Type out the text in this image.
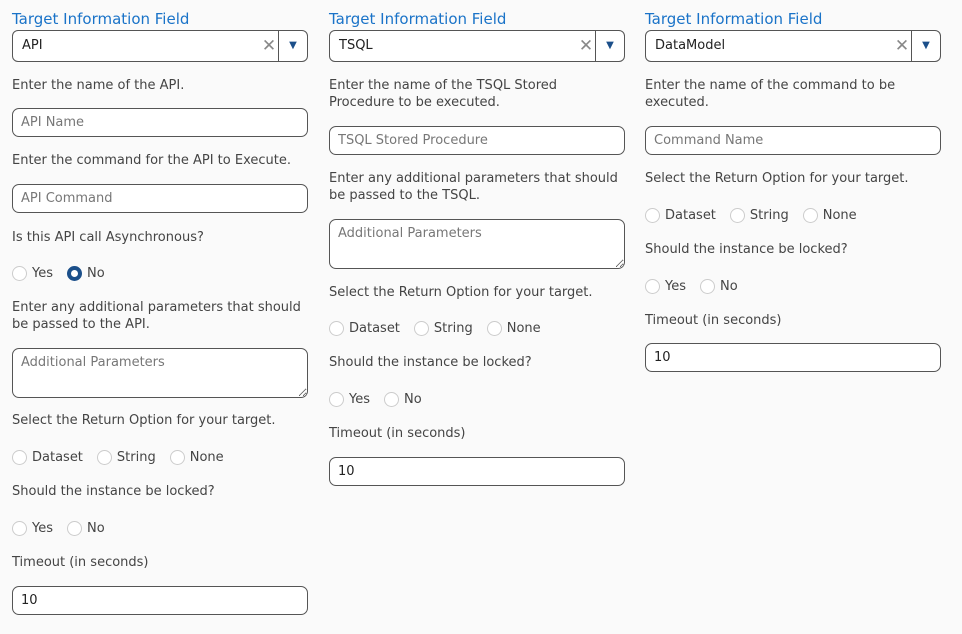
Target Information Field
API	✕	▼
Enter the name of the API.
API Name
Enter the command for the API to Execute.
API Command
Is this API call Asynchronous?
Yes	No
Enter any additional parameters that should be passed to the API.
Additional Parameters
Select the Return Option for your target.
Dataset	String	None
Should the instance be locked?
Yes	No
Timeout (in seconds)
10
Target Information Field
TSQL	✕	▼
Enter the name of the TSQL Stored Procedure to be executed.
TSQL Stored Procedure
Enter any additional parameters that should be passed to the TSQL.
Additional Parameters
Select the Return Option for your target.
Dataset	String	None
Should the instance be locked?
Yes	No
Timeout (in seconds)
10
Target Information Field
DataModel	✕	▼
Enter the name of the command to be executed.
Command Name
Select the Return Option for your target.
Dataset	String	None
Should the instance be locked?
Yes	No
Timeout (in seconds)
10
